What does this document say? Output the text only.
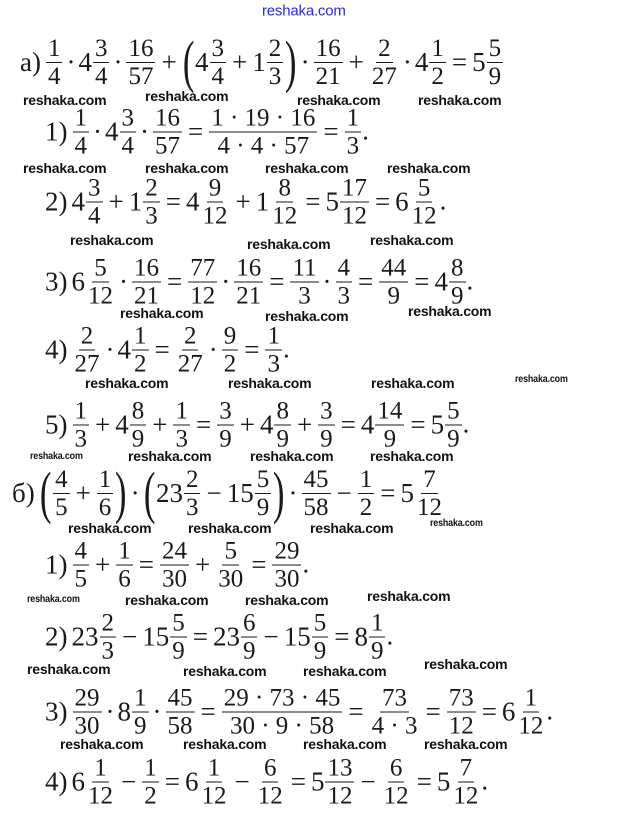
$а) \frac{1}{4} \cdot 4 \frac{3}{4} \cdot \frac{16}{57}$ + ( $4 \frac{3}{4} + 1 \frac{2}{3}$ ) · $\frac{16}{21} + \frac{2}{27} \cdot 4 \frac{1}{2} = 5 \frac{5}{9}$
$1) \frac{1}{4} \cdot 4 \frac{3}{4} \cdot \frac{16}{57} = \frac{1 \cdot 19 \cdot 16}{4 \cdot 4 \cdot 57} = \frac{1}{3}$ .
2) $4 \frac{3}{4} + 1 \frac{2}{3} = 4 \frac{9}{12} + 1 \frac{8}{12} = 5 \frac{17}{12} = 6 \frac{5}{12}$ .
3) $6 \frac{5}{12} \cdot \frac{16}{21} = \frac{77}{12} \cdot \frac{16}{21} = \frac{11}{3} \cdot \frac{4}{3} = \frac{44}{9} = 4 \frac{8}{9}$ .
$4) \frac{2}{27} \cdot 4 \frac{1}{2} = \frac{2}{27} \cdot \frac{9}{2} = \frac{1}{3}$ .
$5) \frac{1}{3} + 4 \frac{8}{9} + \frac{1}{3} = \frac{3}{9} + 4 \frac{8}{9} + \frac{3}{9} = 4 \frac{14}{9} = 5 \frac{5}{9}$ .
б) ( $\frac{4}{5} + \frac{1}{6}$ ) · ( $23 \frac{2}{3} - 15 \frac{5}{9}$ ) · $\frac{45}{58} - \frac{1}{2} = 5 \frac{7}{12}$
$1) \frac{4}{5} + \frac{1}{6} = \frac{24}{30} + \frac{5}{30} = \frac{29}{30}$ .
2) $23 \frac{2}{3} - 15 \frac{5}{9} = 23 \frac{6}{9} - 15 \frac{5}{9} = 8 \frac{1}{9}$ .
$3) \frac{29}{30} \cdot 8 \frac{1}{9} \cdot \frac{45}{58} = \frac{29 \cdot 73 \cdot 45}{30 \cdot 9 \cdot 58} = \frac{73}{4 \cdot 3} = \frac{73}{12} = 6 \frac{1}{12}$ .
4) $6 \frac{1}{12} - \frac{1}{2} = 6 \frac{1}{12} - \frac{6}{12} = 5 \frac{13}{12} - \frac{6}{12} = 5 \frac{7}{12}$ .
reshaka.com
reshaka.com	reshaka.com	reshaka.com	reshaka.com
reshaka.com	reshaka.com	reshaka.com	reshaka.com
reshaka.com	reshaka.com	reshaka.com
reshaka.com	reshaka.com	reshaka.com
reshaka.com	reshaka.com	reshaka.com	reshaka.com
reshaka.com	reshaka.com	reshaka.com	reshaka.com
reshaka.com	reshaka.com	reshaka.com	reshaka.com
reshaka.com	reshaka.com	reshaka.com	reshaka.com
reshaka.com	reshaka.com	reshaka.com	reshaka.com
reshaka.com	reshaka.com	reshaka.com	reshaka.com
